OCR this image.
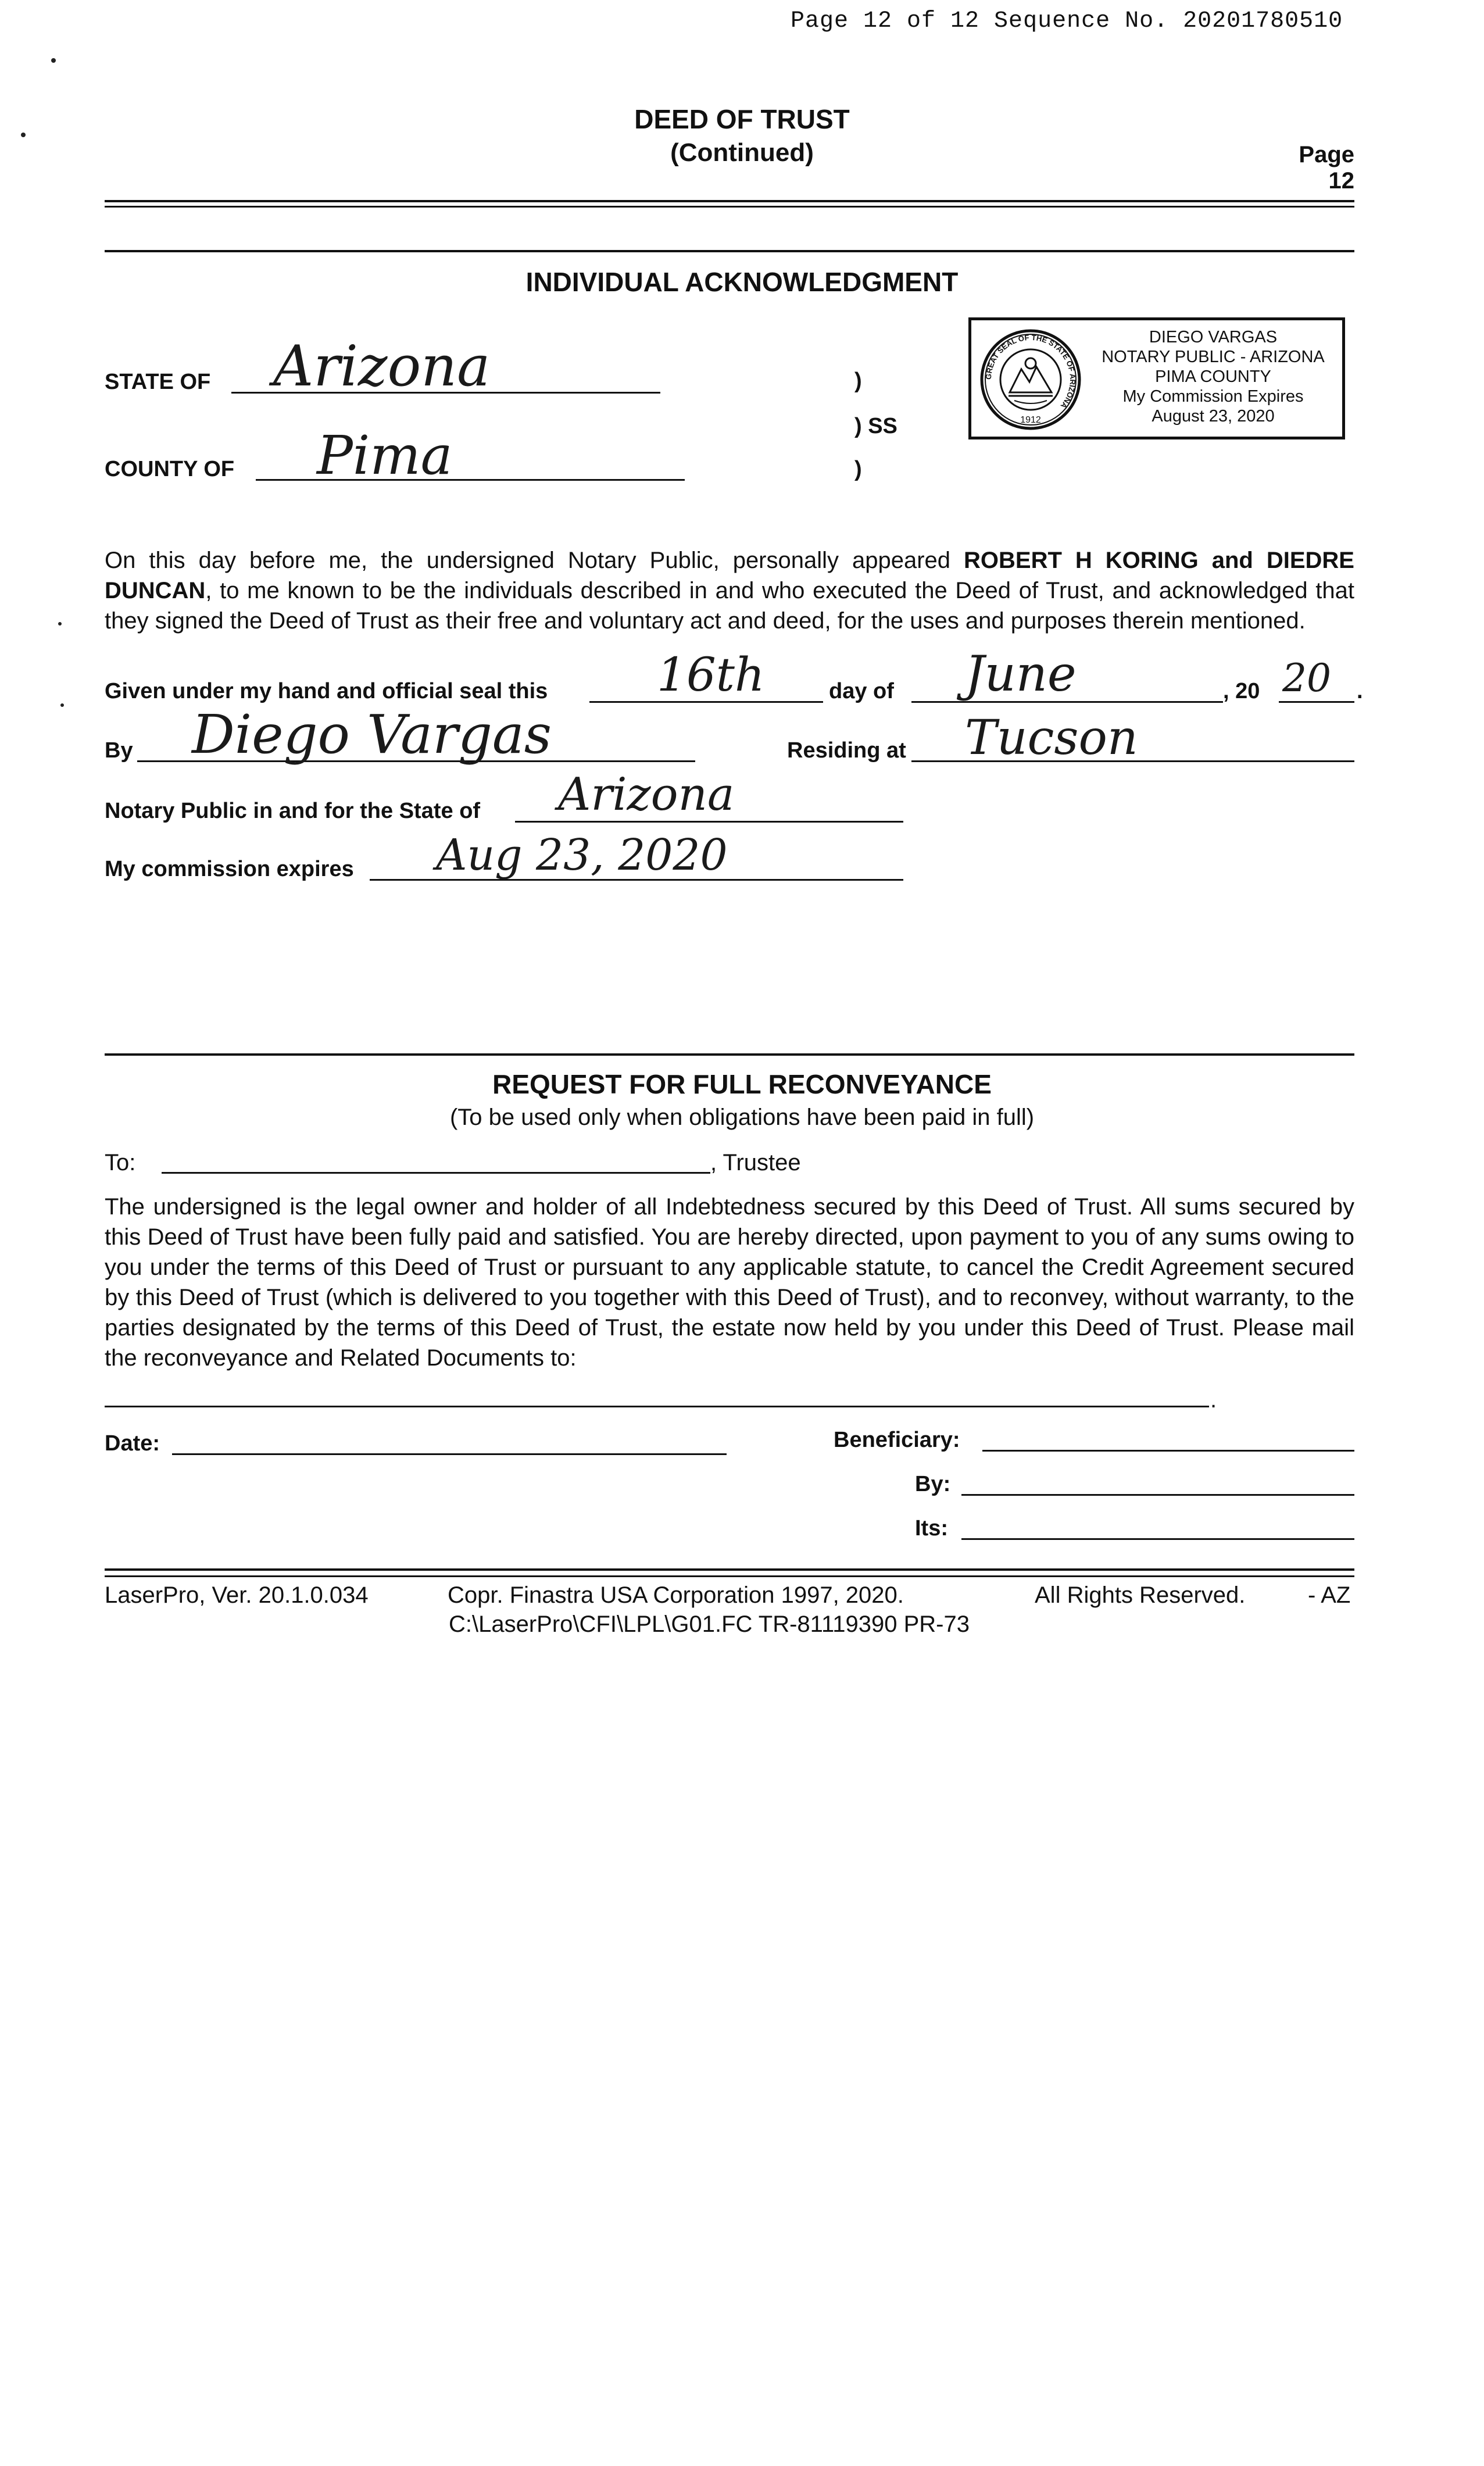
Page 12 of 12 Sequence No. 20201780510
DEED OF TRUST
(Continued)	Page 12
INDIVIDUAL ACKNOWLEDGMENT
STATE OF Arizona
COUNTY OF Pima
)
) SS
)
GREAT SEAL OF THE STATE OF ARIZONA
1912
DIEGO VARGAS
NOTARY PUBLIC - ARIZONA
PIMA COUNTY
My Commission Expires
August 23, 2020
On this day before me, the undersigned Notary Public, personally appeared ROBERT H KORING and DIEDRE DUNCAN, to me known to be the individuals described in and who executed the Deed of Trust, and acknowledged that they signed the Deed of Trust as their free and voluntary act and deed, for the uses and purposes therein mentioned.
Given under my hand and official seal this 16th	day of June	, 20 20 .
By Diego Vargas	Residing at Tucson
Notary Public in and for the State of Arizona
My commission expires Aug 23, 2020
REQUEST FOR FULL RECONVEYANCE
(To be used only when obligations have been paid in full)
To:	, Trustee
The undersigned is the legal owner and holder of all Indebtedness secured by this Deed of Trust. All sums secured by this Deed of Trust have been fully paid and satisfied. You are hereby directed, upon payment to you of any sums owing to you under the terms of this Deed of Trust or pursuant to any applicable statute, to cancel the Credit Agreement secured by this Deed of Trust (which is delivered to you together with this Deed of Trust), and to reconvey, without warranty, to the parties designated by the terms of this Deed of Trust, the estate now held by you under this Deed of Trust. Please mail the reconveyance and Related Documents to:
.
Date:	Beneficiary:
By:
Its:
LaserPro, Ver. 20.1.0.034	Copr. Finastra USA Corporation 1997, 2020.	All Rights Reserved.	- AZ
C:\LaserPro\CFI\LPL\G01.FC TR-81119390 PR-73
